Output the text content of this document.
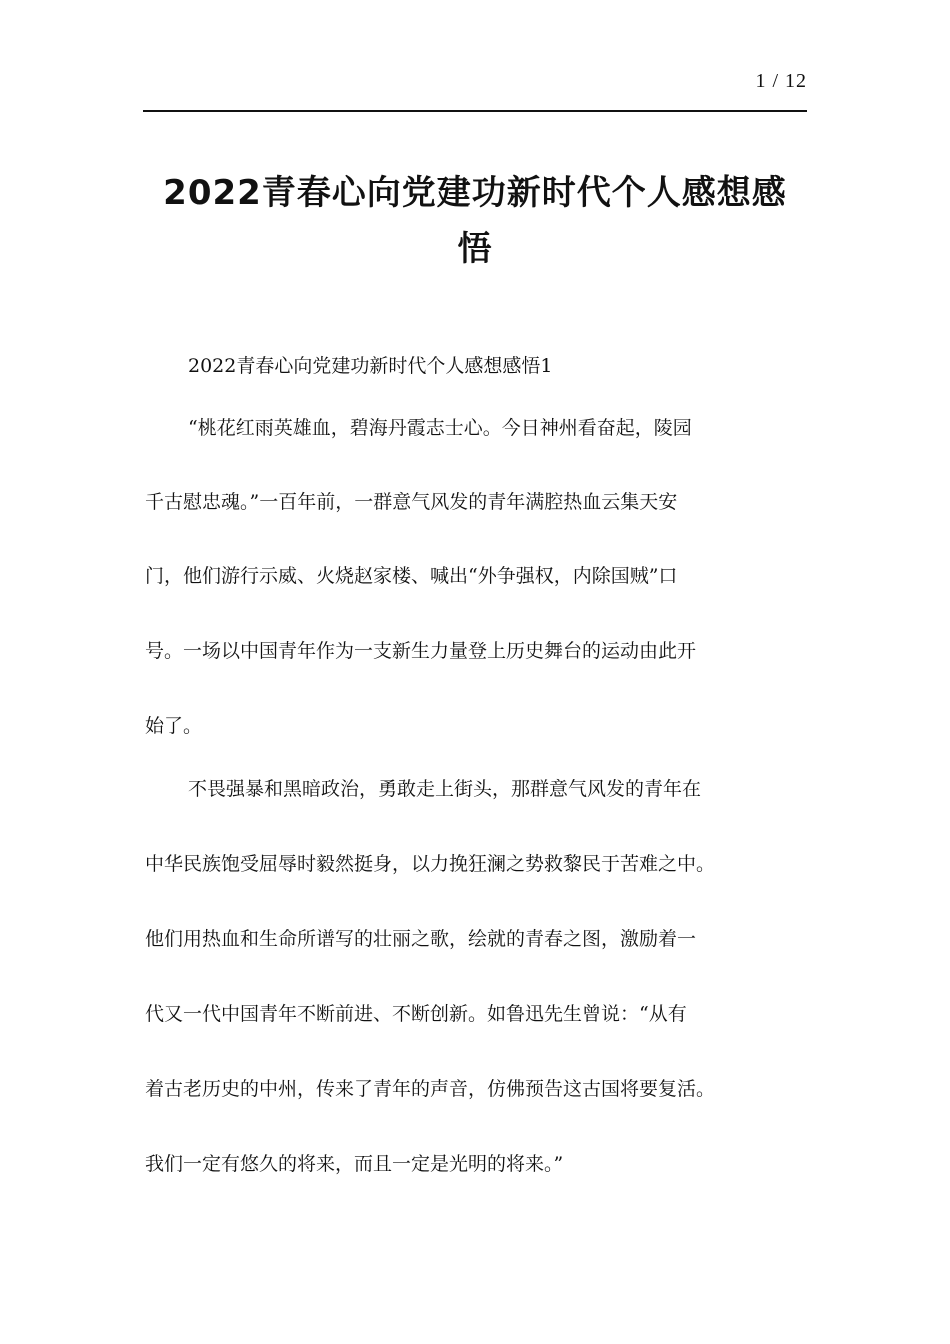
1 / 12
2022青春心向党建功新时代个人感想感
悟

2022青春心向党建功新时代个人感想感悟1

“桃花红雨英雄血，碧海丹霞志士心。今日神州看奋起，陵园

千古慰忠魂。”一百年前，一群意气风发的青年满腔热血云集天安

门，他们游行示威、火烧赵家楼、喊出“外争强权，内除国贼”口

号。一场以中国青年作为一支新生力量登上历史舞台的运动由此开

始了。

不畏强暴和黑暗政治，勇敢走上街头，那群意气风发的青年在

中华民族饱受屈辱时毅然挺身，以力挽狂澜之势救黎民于苦难之中。

他们用热血和生命所谱写的壮丽之歌，绘就的青春之图，激励着一

代又一代中国青年不断前进、不断创新。如鲁迅先生曾说：“从有

着古老历史的中州，传来了青年的声音，仿佛预告这古国将要复活。

我们一定有悠久的将来，而且一定是光明的将来。”
